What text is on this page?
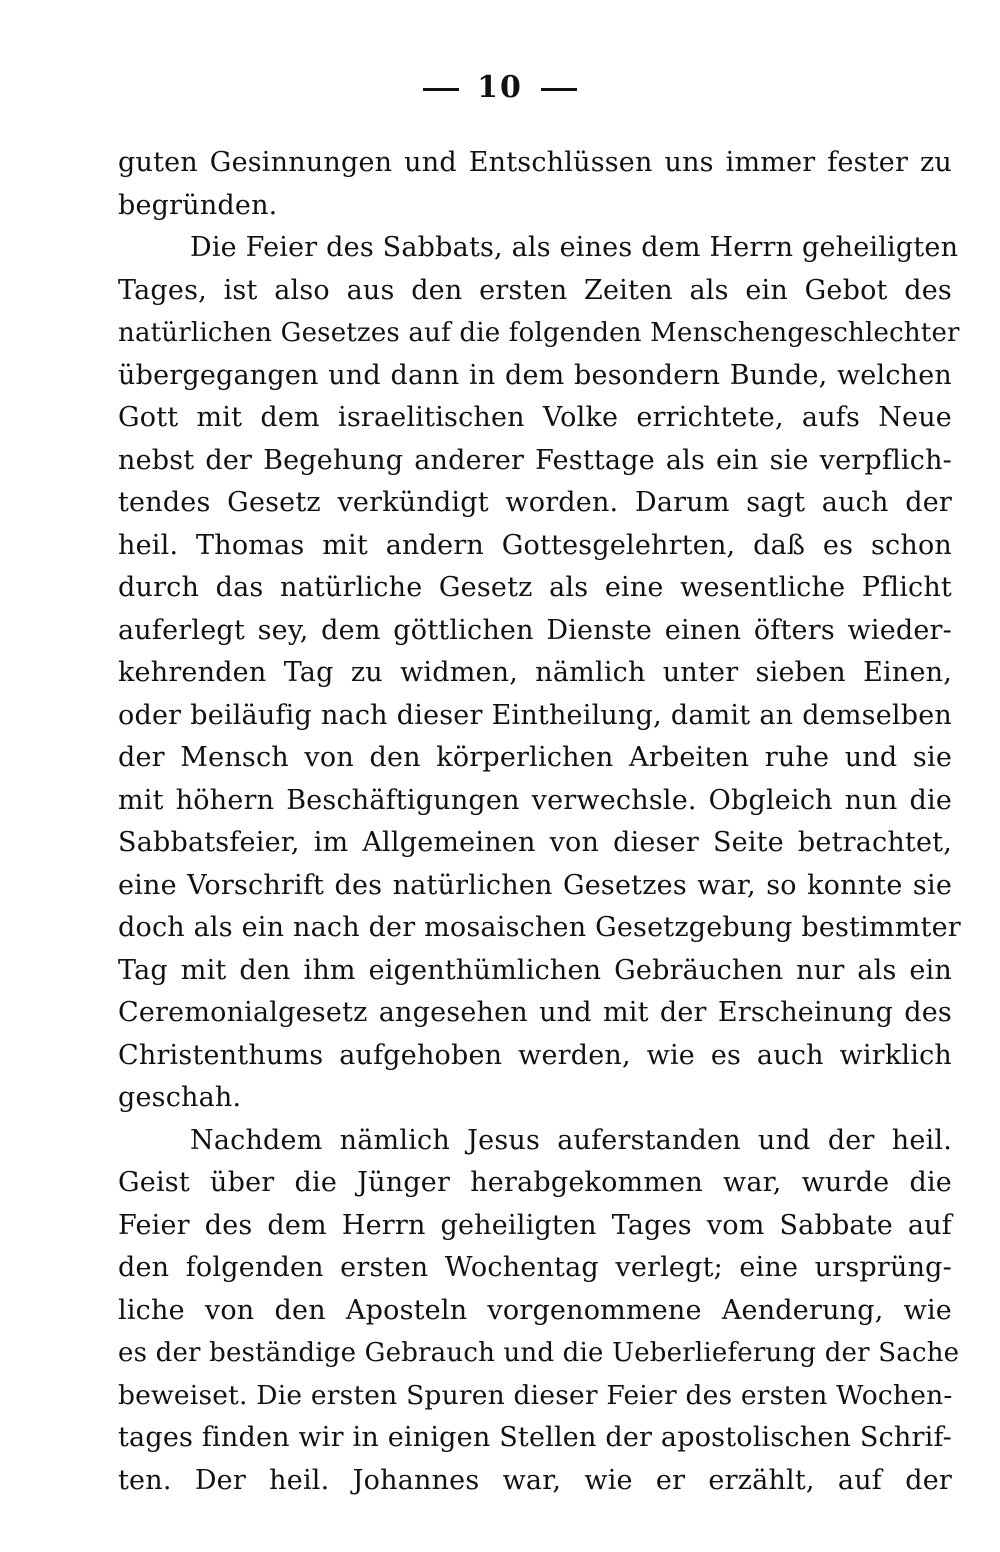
10
guten Gesinnungen und Entschlüssen uns immer fester zu
begründen.
Die Feier des Sabbats, als eines dem Herrn geheiligten
Tages, ist also aus den ersten Zeiten als ein Gebot des
natürlichen Gesetzes auf die folgenden Menschengeschlechter
übergegangen und dann in dem besondern Bunde, welchen
Gott mit dem israelitischen Volke errichtete, aufs Neue
nebst der Begehung anderer Festtage als ein sie verpflich-
tendes Gesetz verkündigt worden. Darum sagt auch der
heil. Thomas mit andern Gottesgelehrten, daß es schon
durch das natürliche Gesetz als eine wesentliche Pflicht
auferlegt sey, dem göttlichen Dienste einen öfters wieder-
kehrenden Tag zu widmen, nämlich unter sieben Einen,
oder beiläufig nach dieser Eintheilung, damit an demselben
der Mensch von den körperlichen Arbeiten ruhe und sie
mit höhern Beschäftigungen verwechsle. Obgleich nun die
Sabbatsfeier, im Allgemeinen von dieser Seite betrachtet,
eine Vorschrift des natürlichen Gesetzes war, so konnte sie
doch als ein nach der mosaischen Gesetzgebung bestimmter
Tag mit den ihm eigenthümlichen Gebräuchen nur als ein
Ceremonialgesetz angesehen und mit der Erscheinung des
Christenthums aufgehoben werden, wie es auch wirklich
geschah.
Nachdem nämlich Jesus auferstanden und der heil.
Geist über die Jünger herabgekommen war, wurde die
Feier des dem Herrn geheiligten Tages vom Sabbate auf
den folgenden ersten Wochentag verlegt; eine ursprüng-
liche von den Aposteln vorgenommene Aenderung, wie
es der beständige Gebrauch und die Ueberlieferung der Sache
beweiset. Die ersten Spuren dieser Feier des ersten Wochen-
tages finden wir in einigen Stellen der apostolischen Schrif-
ten. Der heil. Johannes war, wie er erzählt, auf der
